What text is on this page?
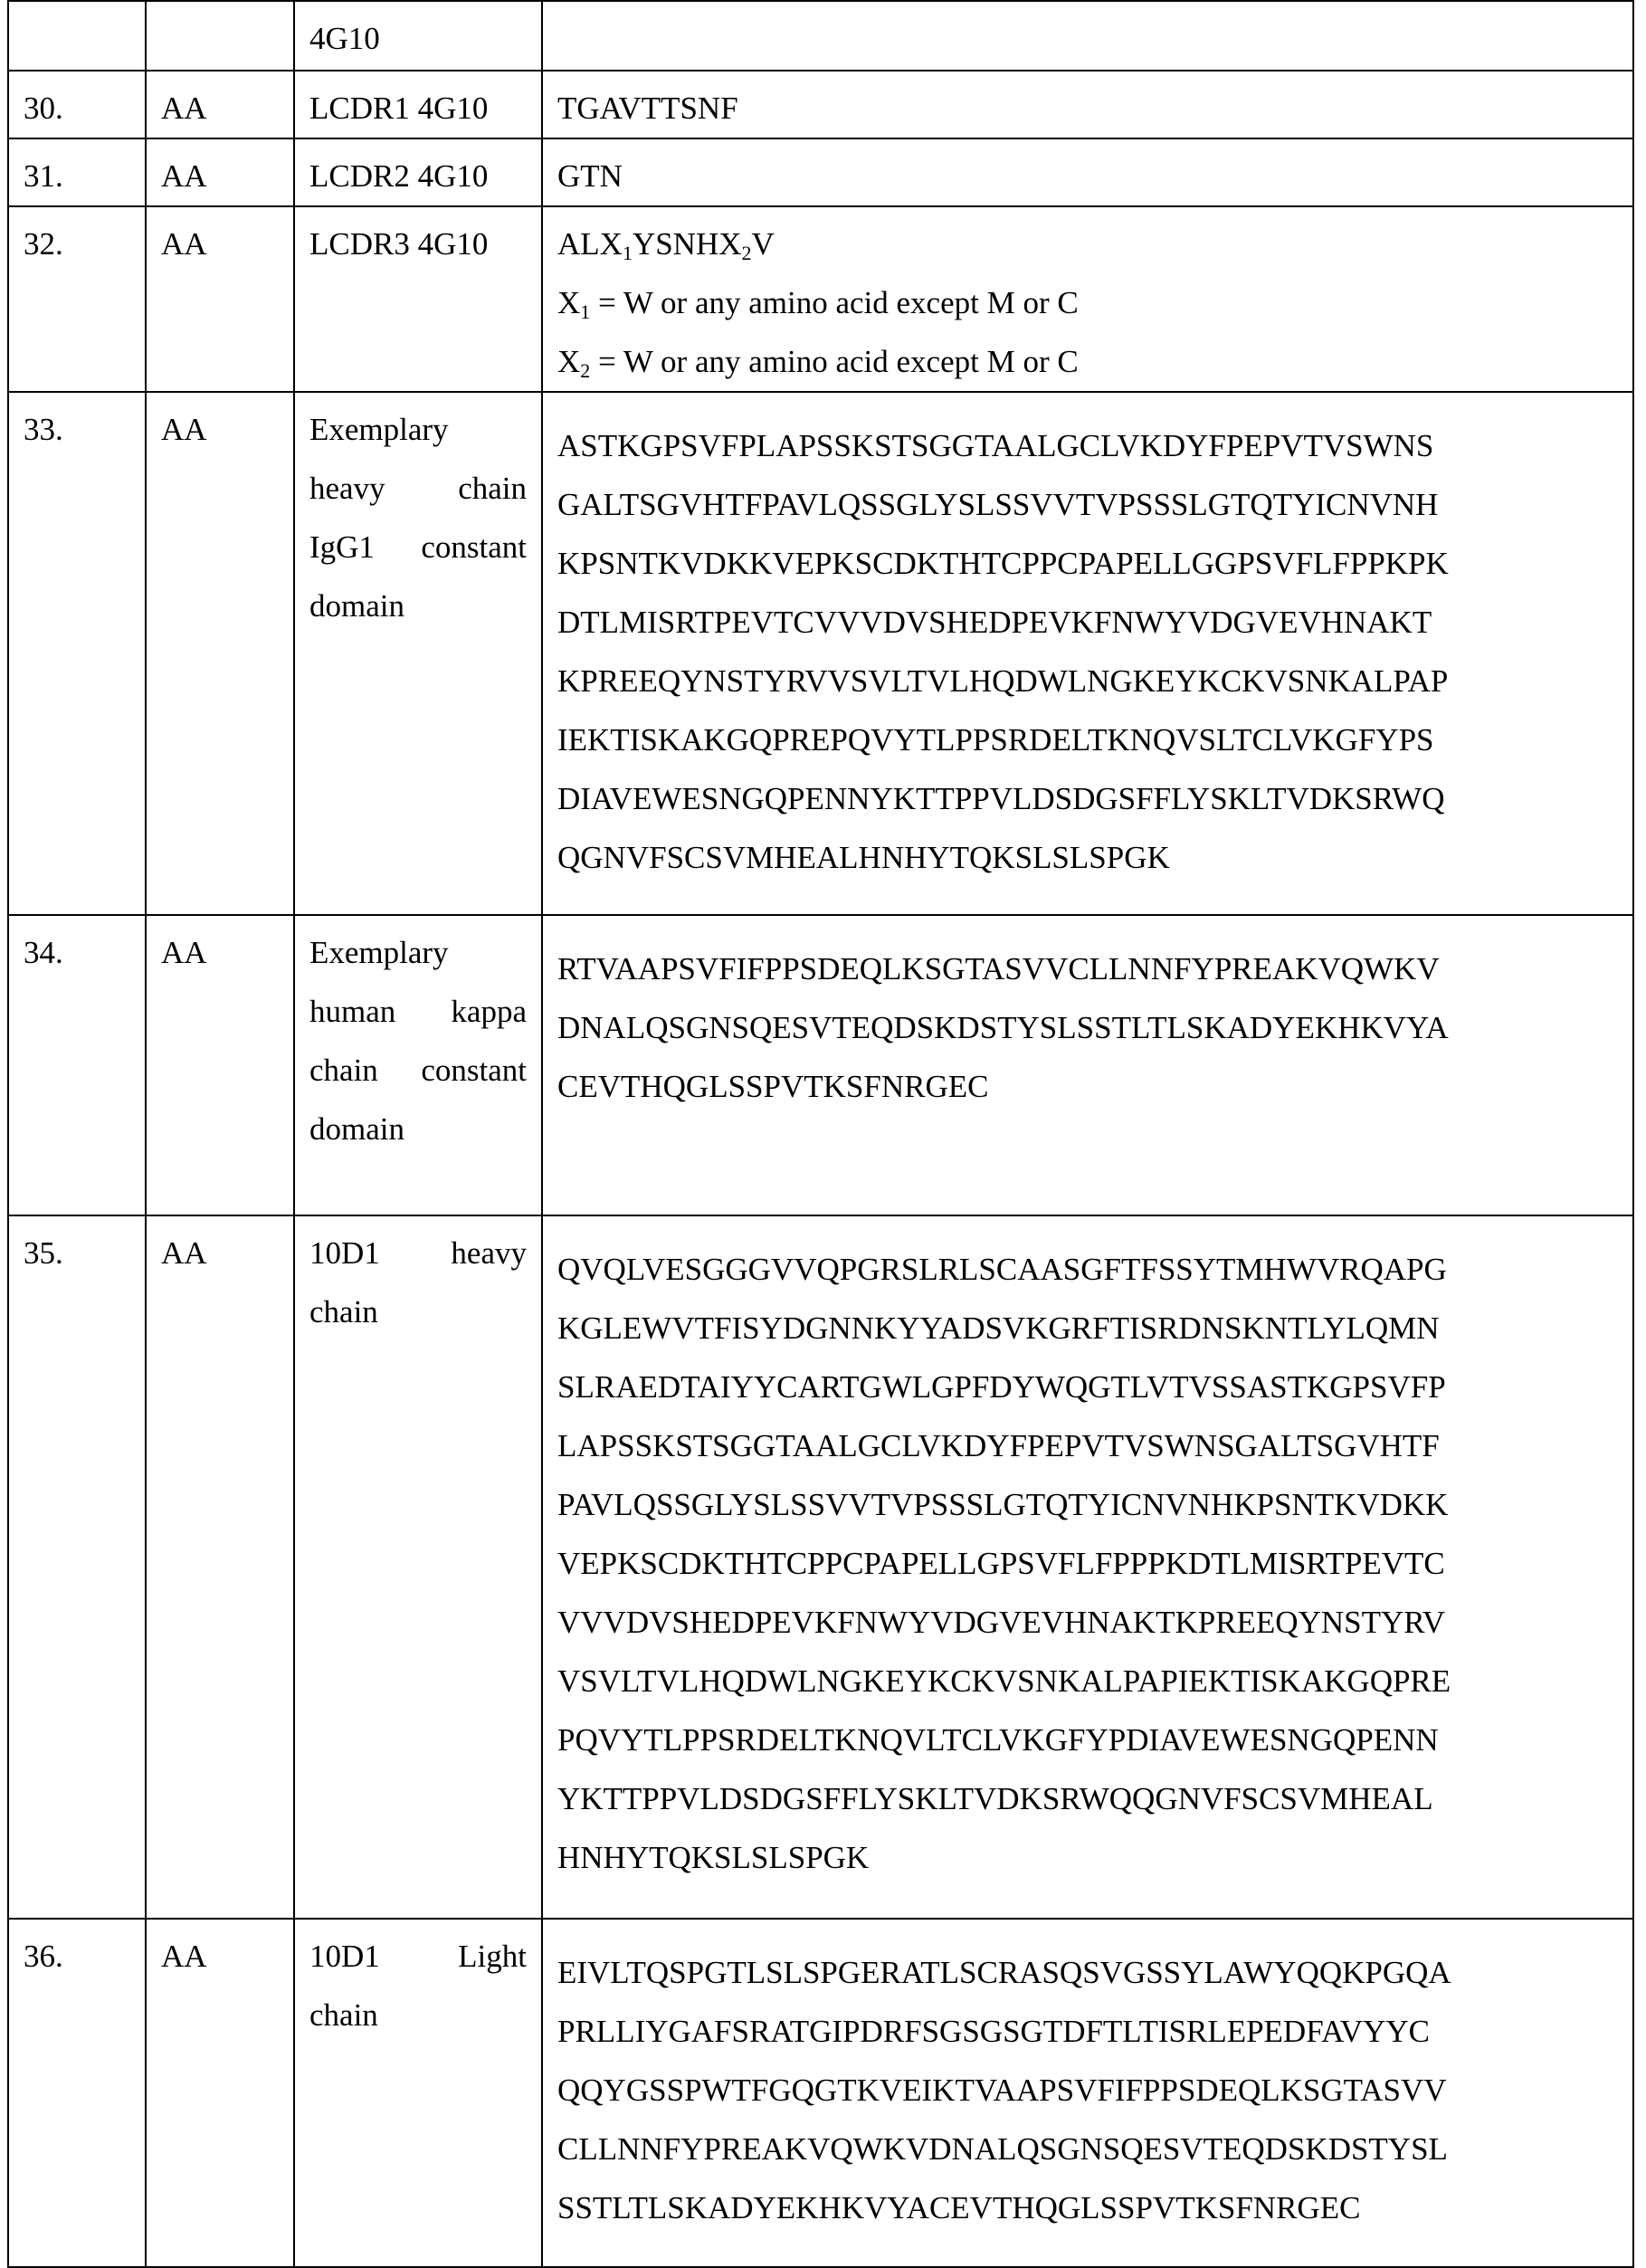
		4G10	
30.	AA	LCDR1 4G10	TGAVTTSNF
31.	AA	LCDR2 4G10	GTN
32.	AA	LCDR3 4G10	ALX1YSNHX2V
X1 = W or any amino acid except M or C
X2 = W or any amino acid except M or C

33.	AA	Exemplary heavy chain IgG1 constant domain	
ASTKGPSVFPLAPSSKSTSGGTAALGCLVKDYFPEPVTVSWNS
GALTSGVHTFPAVLQSSGLYSLSSVVTVPSSSLGTQTYICNVNH
KPSNTKVDKKVEPKSCDKTHTCPPCPAPELLGGPSVFLFPPKPK
DTLMISRTPEVTCVVVDVSHEDPEVKFNWYVDGVEVHNAKT
KPREEQYNSTYRVVSVLTVLHQDWLNGKEYKCKVSNKALPAP
IEKTISKAKGQPREPQVYTLPPSRDELTKNQVSLTCLVKGFYPS
DIAVEWESNGQPENNYKTTPPVLDSDGSFFLYSKLTVDKSRWQ
QGNVFSCSVMHEALHNHYTQKSLSLSPGK

34.	AA	Exemplary human kappa chain constant domain	
RTVAAPSVFIFPPSDEQLKSGTASVVCLLNNFYPREAKVQWKV
DNALQSGNSQESVTEQDSKDSTYSLSSTLTLSKADYEKHKVYA
CEVTHQGLSSPVTKSFNRGEC

35.	AA	10D1 heavy chain	
QVQLVESGGGVVQPGRSLRLSCAASGFTFSSYTMHWVRQAPG
KGLEWVTFISYDGNNKYYADSVKGRFTISRDNSKNTLYLQMN
SLRAEDTAIYYCARTGWLGPFDYWQGTLVTVSSASTKGPSVFP
LAPSSKSTSGGTAALGCLVKDYFPEPVTVSWNSGALTSGVHTF
PAVLQSSGLYSLSSVVTVPSSSLGTQTYICNVNHKPSNTKVDKK
VEPKSCDKTHTCPPCPAPELLGPSVFLFPPPKDTLMISRTPEVTC
VVVDVSHEDPEVKFNWYVDGVEVHNAKTKPREEQYNSTYRV
VSVLTVLHQDWLNGKEYKCKVSNKALPAPIEKTISKAKGQPRE
PQVYTLPPSRDELTKNQVLTCLVKGFYPDIAVEWESNGQPENN
YKTTPPVLDSDGSFFLYSKLTVDKSRWQQGNVFSCSVMHEAL
HNHYTQKSLSLSPGK

36.	AA	10D1 Light chain	
EIVLTQSPGTLSLSPGERATLSCRASQSVGSSYLAWYQQKPGQA
PRLLIYGAFSRATGIPDRFSGSGSGTDFTLTISRLEPEDFAVYYC
QQYGSSPWTFGQGTKVEIKTVAAPSVFIFPPSDEQLKSGTASVV
CLLNNFYPREAKVQWKVDNALQSGNSQESVTEQDSKDSTYSL
SSTLTLSKADYEKHKVYACEVTHQGLSSPVTKSFNRGEC
